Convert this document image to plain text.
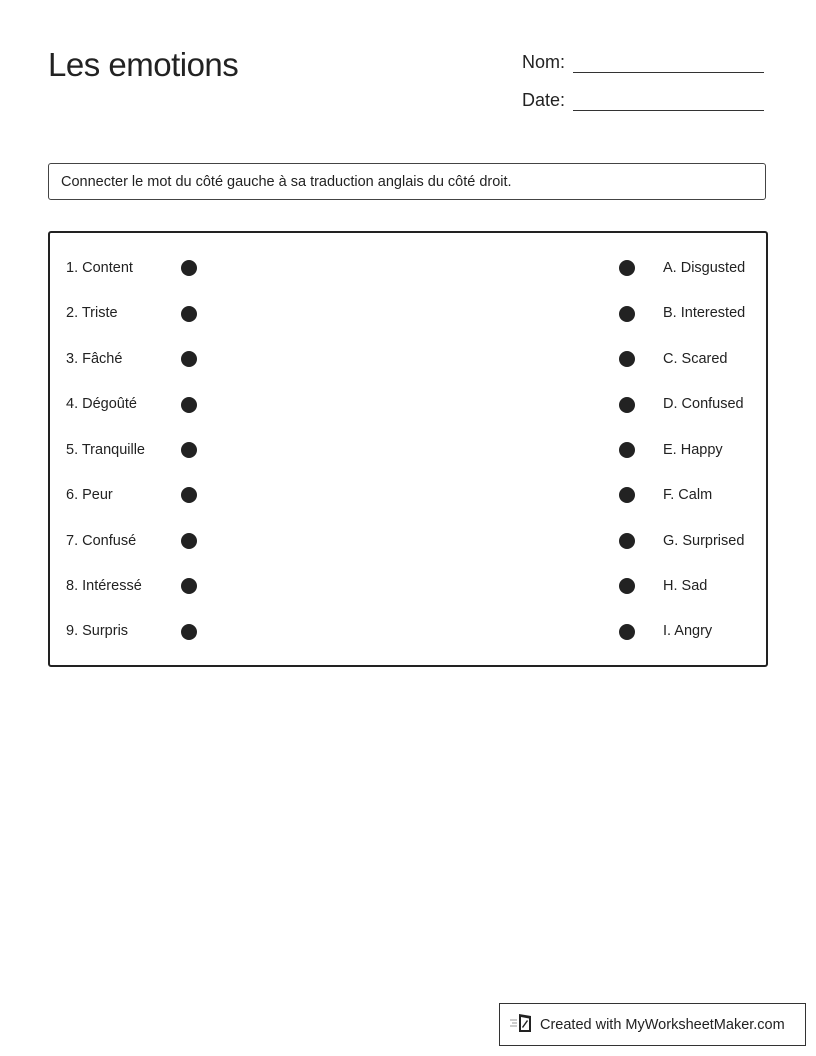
Les emotions	Nom:
Date:
Connecter le mot du côté gauche à sa traduction anglais du côté droit.
1. Content
2. Triste
3. Fâché
4. Dégoûté
5. Tranquille
6. Peur
7. Confusé
8. Intéressé
9. Surpris
A. Disgusted
B. Interested
C. Scared
D. Confused
E. Happy
F. Calm
G. Surprised
H. Sad
I. Angry
Created with MyWorksheetMaker.com
